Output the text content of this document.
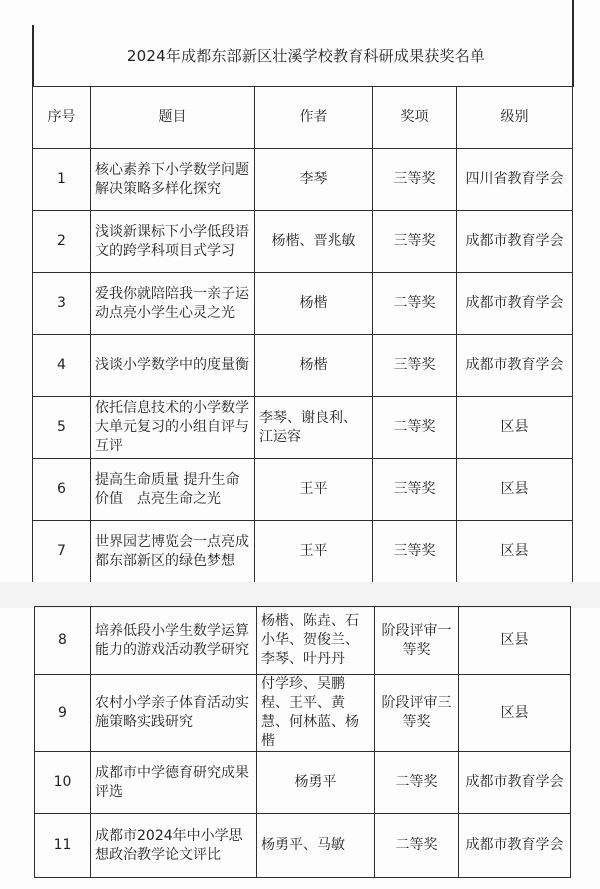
2024年成都东部新区壮溪学校教育科研成果获奖名单
序号	题目	作者	奖项	级别
1	核心素养下小学数学问题解决策略多样化探究	李琴	三等奖	四川省教育学会
2	浅谈新课标下小学低段语文的跨学科项目式学习	杨楷、晋兆敏	三等奖	成都市教育学会
3	爱我你就陪陪我一亲子运动点亮小学生心灵之光	杨楷	二等奖	成都市教育学会
4	浅谈小学数学中的度量衡	杨楷	三等奖	成都市教育学会
5	依托信息技术的小学数学大单元复习的小组自评与互评	李琴、谢良利、江运容	二等奖	区县
6	提高生命质量 提升生命价值　点亮生命之光	王平	三等奖	区县
7	世界园艺博览会一点亮成都东部新区的绿色梦想	王平	三等奖	区县
8	培养低段小学生数学运算能力的游戏活动教学研究	杨楷、陈垚、石小华、贺俊兰、李琴、叶丹丹	阶段评审一等奖	区县
9	农村小学亲子体育活动实施策略实践研究	付学珍、吴鹏程、王平、黄慧、何林蓝、杨楷	阶段评审三等奖	区县
10	成都市中学德育研究成果评选	杨勇平	二等奖	成都市教育学会
11	成都市2024年中小学思想政治教学论文评比	杨勇平、马敏	二等奖	成都市教育学会
